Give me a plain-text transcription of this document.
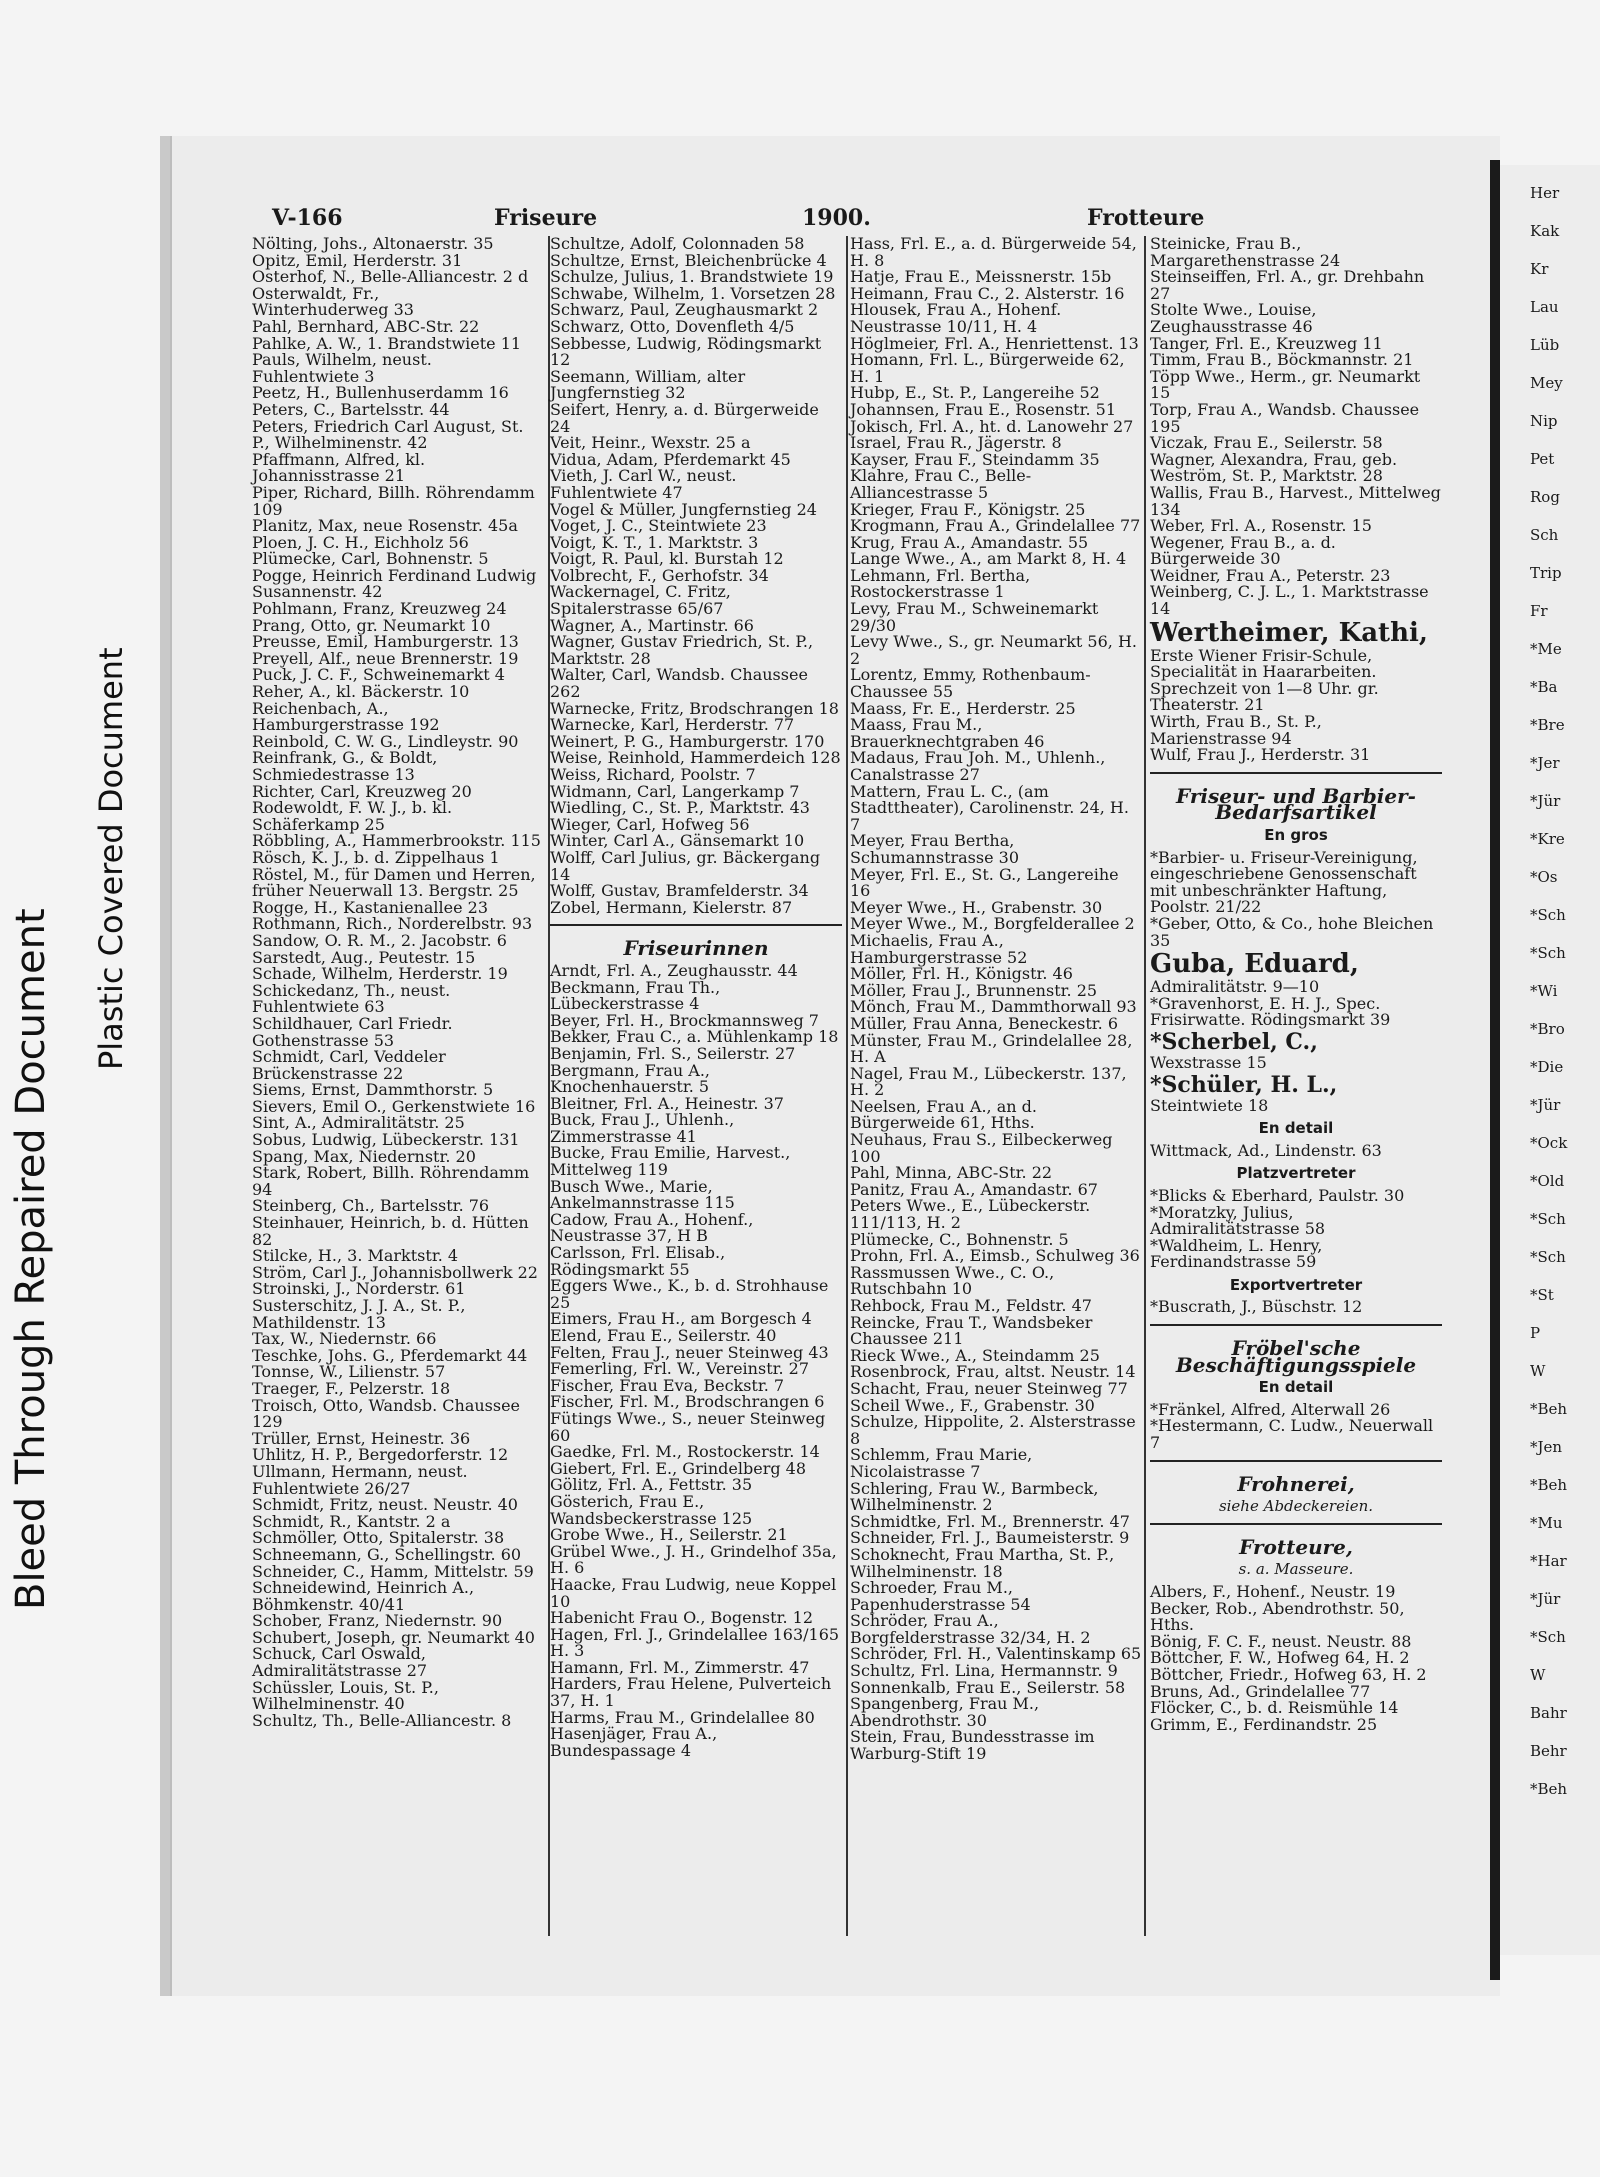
Bleed Through Repaired Document
Plastic Covered Document
Her
Kak
Kr
Lau
Lüb
Mey
Nip
Pet
Rog
Sch
Trip
Fr
*Me
*Ba
*Bre
*Jer
*Jür
*Kre
*Os
*Sch
*Sch
*Wi
*Bro
*Die
*Jür
*Ock
*Old
*Sch
*Sch
*St
P
W
*Beh
*Jen
*Beh
*Mu
*Har
*Jür
*Sch
W
Bahr
Behr
*Beh
V-166	Friseure	1900.	Frotteure
Nölting, Johs., Altonaerstr. 35
Opitz, Emil, Herderstr. 31
Osterhof, N., Belle-Alliancestr. 2 d
Osterwaldt, Fr.,
Winterhuderweg 33
Pahl, Bernhard, ABC-Str. 22
Pahlke, A. W., 1. Brandstwiete 11
Pauls, Wilhelm, neust. Fuhlentwiete 3
Peetz, H., Bullenhuserdamm 16
Peters, C., Bartelsstr. 44
Peters, Friedrich Carl August, St. P., Wilhelminenstr. 42
Pfaffmann, Alfred, kl. Johannisstrasse 21
Piper, Richard, Billh. Röhrendamm 109
Planitz, Max, neue Rosenstr. 45a
Ploen, J. C. H., Eichholz 56
Plümecke, Carl, Bohnenstr. 5
Pogge, Heinrich Ferdinand Ludwig Susannenstr. 42
Pohlmann, Franz, Kreuzweg 24
Prang, Otto, gr. Neumarkt 10
Preusse, Emil, Hamburgerstr. 13
Preyell, Alf., neue Brennerstr. 19
Puck, J. C. F., Schweinemarkt 4
Reher, A., kl. Bäckerstr. 10
Reichenbach, A., Hamburgerstrasse 192
Reinbold, C. W. G., Lindleystr. 90
Reinfrank, G., & Boldt, Schmiedestrasse 13
Richter, Carl, Kreuzweg 20
Rodewoldt, F. W. J., b. kl. Schäferkamp 25
Röbbling, A., Hammerbrookstr. 115
Rösch, K. J., b. d. Zippelhaus 1
Röstel, M., für Damen und Herren, früher Neuerwall 13. Bergstr. 25
Rogge, H., Kastanienallee 23
Rothmann, Rich., Norderelbstr. 93
Sandow, O. R. M., 2. Jacobstr. 6
Sarstedt, Aug., Peutestr. 15
Schade, Wilhelm, Herderstr. 19
Schickedanz, Th., neust. Fuhlentwiete 63
Schildhauer, Carl Friedr. Gothenstrasse 53
Schmidt, Carl, Veddeler Brückenstrasse 22
Siems, Ernst, Dammthorstr. 5
Sievers, Emil O., Gerkenstwiete 16
Sint, A., Admiralitätstr. 25
Sobus, Ludwig, Lübeckerstr. 131
Spang, Max, Niedernstr. 20
Stark, Robert, Billh. Röhrendamm 94
Steinberg, Ch., Bartelsstr. 76
Steinhauer, Heinrich, b. d. Hütten 82
Stilcke, H., 3. Marktstr. 4
Ström, Carl J., Johannisbollwerk 22
Stroinski, J., Norderstr. 61
Susterschitz, J. J. A., St. P., Mathildenstr. 13
Tax, W., Niedernstr. 66
Teschke, Johs. G., Pferdemarkt 44
Tonnse, W., Lilienstr. 57
Traeger, F., Pelzerstr. 18
Troisch, Otto, Wandsb. Chaussee 129
Trüller, Ernst, Heinestr. 36
Uhlitz, H. P., Bergedorferstr. 12
Ullmann, Hermann, neust. Fuhlentwiete 26/27
Schmidt, Fritz, neust. Neustr. 40
Schmidt, R., Kantstr. 2 a
Schmöller, Otto, Spitalerstr. 38
Schneemann, G., Schellingstr. 60
Schneider, C., Hamm, Mittelstr. 59
Schneidewind, Heinrich A., Böhmkenstr. 40/41
Schober, Franz, Niedernstr. 90
Schubert, Joseph, gr. Neumarkt 40
Schuck, Carl Oswald, Admiralitätstrasse 27
Schüssler, Louis, St. P., Wilhelminenstr. 40
Schultz, Th., Belle-Alliancestr. 8
Schultze, Adolf, Colonnaden 58
Schultze, Ernst, Bleichenbrücke 4
Schulze, Julius, 1. Brandstwiete 19
Schwabe, Wilhelm, 1. Vorsetzen 28
Schwarz, Paul, Zeughausmarkt 2
Schwarz, Otto, Dovenfleth 4/5
Sebbesse, Ludwig, Rödingsmarkt 12
Seemann, William, alter Jungfernstieg 32
Seifert, Henry, a. d. Bürgerweide 24
Veit, Heinr., Wexstr. 25 a
Vidua, Adam, Pferdemarkt 45
Vieth, J. Carl W., neust. Fuhlentwiete 47
Vogel & Müller, Jungfernstieg 24
Voget, J. C., Steintwiete 23
Voigt, K. T., 1. Marktstr. 3
Voigt, R. Paul, kl. Burstah 12
Volbrecht, F., Gerhofstr. 34
Wackernagel, C. Fritz, Spitalerstrasse 65/67
Wagner, A., Martinstr. 66
Wagner, Gustav Friedrich, St. P., Marktstr. 28
Walter, Carl, Wandsb. Chaussee 262
Warnecke, Fritz, Brodschrangen 18
Warnecke, Karl, Herderstr. 77
Weinert, P. G., Hamburgerstr. 170
Weise, Reinhold, Hammerdeich 128
Weiss, Richard, Poolstr. 7
Widmann, Carl, Langerkamp 7
Wiedling, C., St. P., Marktstr. 43
Wieger, Carl, Hofweg 56
Winter, Carl A., Gänsemarkt 10
Wolff, Carl Julius, gr. Bäckergang 14
Wolff, Gustav, Bramfelderstr. 34
Zobel, Hermann, Kielerstr. 87
Friseurinnen
Arndt, Frl. A., Zeughausstr. 44
Beckmann, Frau Th., Lübeckerstrasse 4
Beyer, Frl. H., Brockmannsweg 7
Bekker, Frau C., a. Mühlenkamp 18
Benjamin, Frl. S., Seilerstr. 27
Bergmann, Frau A., Knochenhauerstr. 5
Bleitner, Frl. A., Heinestr. 37
Buck, Frau J., Uhlenh., Zimmerstrasse 41
Bucke, Frau Emilie, Harvest., Mittelweg 119
Busch Wwe., Marie, Ankelmannstrasse 115
Cadow, Frau A., Hohenf., Neustrasse 37, H B
Carlsson, Frl. Elisab., Rödingsmarkt 55
Eggers Wwe., K., b. d. Strohhause 25
Eimers, Frau H., am Borgesch 4
Elend, Frau E., Seilerstr. 40
Felten, Frau J., neuer Steinweg 43
Femerling, Frl. W., Vereinstr. 27
Fischer, Frau Eva, Beckstr. 7
Fischer, Frl. M., Brodschrangen 6
Fütings Wwe., S., neuer Steinweg 60
Gaedke, Frl. M., Rostockerstr. 14
Giebert, Frl. E., Grindelberg 48
Gölitz, Frl. A., Fettstr. 35
Gösterich, Frau E., Wandsbeckerstrasse 125
Grobe Wwe., H., Seilerstr. 21
Grübel Wwe., J. H., Grindelhof 35a, H. 6
Haacke, Frau Ludwig, neue Koppel 10
Habenicht Frau O., Bogenstr. 12
Hagen, Frl. J., Grindelallee 163/165 H. 3
Hamann, Frl. M., Zimmerstr. 47
Harders, Frau Helene, Pulverteich 37, H. 1
Harms, Frau M., Grindelallee 80
Hasenjäger, Frau A., Bundespassage 4
Hass, Frl. E., a. d. Bürgerweide 54, H. 8
Hatje, Frau E., Meissnerstr. 15b
Heimann, Frau C., 2. Alsterstr. 16
Hlousek, Frau A., Hohenf. Neustrasse 10/11, H. 4
Höglmeier, Frl. A., Henriettenst. 13
Homann, Frl. L., Bürgerweide 62, H. 1
Hubp, E., St. P., Langereihe 52
Johannsen, Frau E., Rosenstr. 51
Jokisch, Frl. A., ht. d. Lanowehr 27
Israel, Frau R., Jägerstr. 8
Kayser, Frau F., Steindamm 35
Klahre, Frau C., Belle-Alliancestrasse 5
Krieger, Frau F., Königstr. 25
Krogmann, Frau A., Grindelallee 77
Krug, Frau A., Amandastr. 55
Lange Wwe., A., am Markt 8, H. 4
Lehmann, Frl. Bertha, Rostockerstrasse 1
Levy, Frau M., Schweinemarkt 29/30
Levy Wwe., S., gr. Neumarkt 56, H. 2
Lorentz, Emmy, Rothenbaum-Chaussee 55
Maass, Fr. E., Herderstr. 25
Maass, Frau M., Brauerknechtgraben 46
Madaus, Frau Joh. M., Uhlenh., Canalstrasse 27
Mattern, Frau L. C., (am Stadttheater), Carolinenstr. 24, H. 7
Meyer, Frau Bertha, Schumannstrasse 30
Meyer, Frl. E., St. G., Langereihe 16
Meyer Wwe., H., Grabenstr. 30
Meyer Wwe., M., Borgfelderallee 2
Michaelis, Frau A., Hamburgerstrasse 52
Möller, Frl. H., Königstr. 46
Möller, Frau J., Brunnenstr. 25
Mönch, Frau M., Dammthorwall 93
Müller, Frau Anna, Beneckestr. 6
Münster, Frau M., Grindelallee 28, H. A
Nagel, Frau M., Lübeckerstr. 137, H. 2
Neelsen, Frau A., an d. Bürgerweide 61, Hths.
Neuhaus, Frau S., Eilbeckerweg 100
Pahl, Minna, ABC-Str. 22
Panitz, Frau A., Amandastr. 67
Peters Wwe., E., Lübeckerstr. 111/113, H. 2
Plümecke, C., Bohnenstr. 5
Prohn, Frl. A., Eimsb., Schulweg 36
Rassmussen Wwe., C. O., Rutschbahn 10
Rehbock, Frau M., Feldstr. 47
Reincke, Frau T., Wandsbeker Chaussee 211
Rieck Wwe., A., Steindamm 25
Rosenbrock, Frau, altst. Neustr. 14
Schacht, Frau, neuer Steinweg 77
Scheil Wwe., F., Grabenstr. 30
Schulze, Hippolite, 2. Alsterstrasse 8
Schlemm, Frau Marie, Nicolaistrasse 7
Schlering, Frau W., Barmbeck, Wilhelminenstr. 2
Schmidtke, Frl. M., Brennerstr. 47
Schneider, Frl. J., Baumeisterstr. 9
Schoknecht, Frau Martha, St. P., Wilhelminenstr. 18
Schroeder, Frau M., Papenhuderstrasse 54
Schröder, Frau A., Borgfelderstrasse 32/34, H. 2
Schröder, Frl. H., Valentinskamp 65
Schultz, Frl. Lina, Hermannstr. 9
Sonnenkalb, Frau E., Seilerstr. 58
Spangenberg, Frau M., Abendrothstr. 30
Stein, Frau, Bundesstrasse im Warburg-Stift 19
Steinicke, Frau B., Margarethenstrasse 24
Steinseiffen, Frl. A., gr. Drehbahn 27
Stolte Wwe., Louise, Zeughausstrasse 46
Tanger, Frl. E., Kreuzweg 11
Timm, Frau B., Böckmannstr. 21
Töpp Wwe., Herm., gr. Neumarkt 15
Torp, Frau A., Wandsb. Chaussee 195
Viczak, Frau E., Seilerstr. 58
Wagner, Alexandra, Frau, geb. Weström, St. P., Marktstr. 28
Wallis, Frau B., Harvest., Mittelweg 134
Weber, Frl. A., Rosenstr. 15
Wegener, Frau B., a. d. Bürgerweide 30
Weidner, Frau A., Peterstr. 23
Weinberg, C. J. L., 1. Marktstrasse 14
Wertheimer, Kathi,
Erste Wiener Frisir-Schule, Specialität in Haararbeiten. Sprechzeit von 1—8 Uhr. gr. Theaterstr. 21
Wirth, Frau B., St. P., Marienstrasse 94
Wulf, Frau J., Herderstr. 31
Friseur- und Barbier-Bedarfsartikel
En gros
*Barbier- u. Friseur-Vereinigung, eingeschriebene Genossenschaft mit unbeschränkter Haftung, Poolstr. 21/22
*Geber, Otto, & Co., hohe Bleichen 35
Guba, Eduard,
Admiralitätstr. 9—10
*Gravenhorst, E. H. J., Spec. Frisirwatte. Rödingsmarkt 39
*Scherbel, C.,
Wexstrasse 15
*Schüler, H. L.,
Steintwiete 18
En detail
Wittmack, Ad., Lindenstr. 63
Platzvertreter
*Blicks & Eberhard, Paulstr. 30
*Moratzky, Julius, Admiralitätstrasse 58
*Waldheim, L. Henry, Ferdinandstrasse 59
Exportvertreter
*Buscrath, J., Büschstr. 12
Fröbel'sche Beschäftigungsspiele
En detail
*Fränkel, Alfred, Alterwall 26
*Hestermann, C. Ludw., Neuerwall 7
Frohnerei,
siehe Abdeckereien.
Frotteure,
s. a. Masseure.
Albers, F., Hohenf., Neustr. 19
Becker, Rob., Abendrothstr. 50, Hths.
Bönig, F. C. F., neust. Neustr. 88
Böttcher, F. W., Hofweg 64, H. 2
Böttcher, Friedr., Hofweg 63, H. 2
Bruns, Ad., Grindelallee 77
Flöcker, C., b. d. Reismühle 14
Grimm, E., Ferdinandstr. 25
